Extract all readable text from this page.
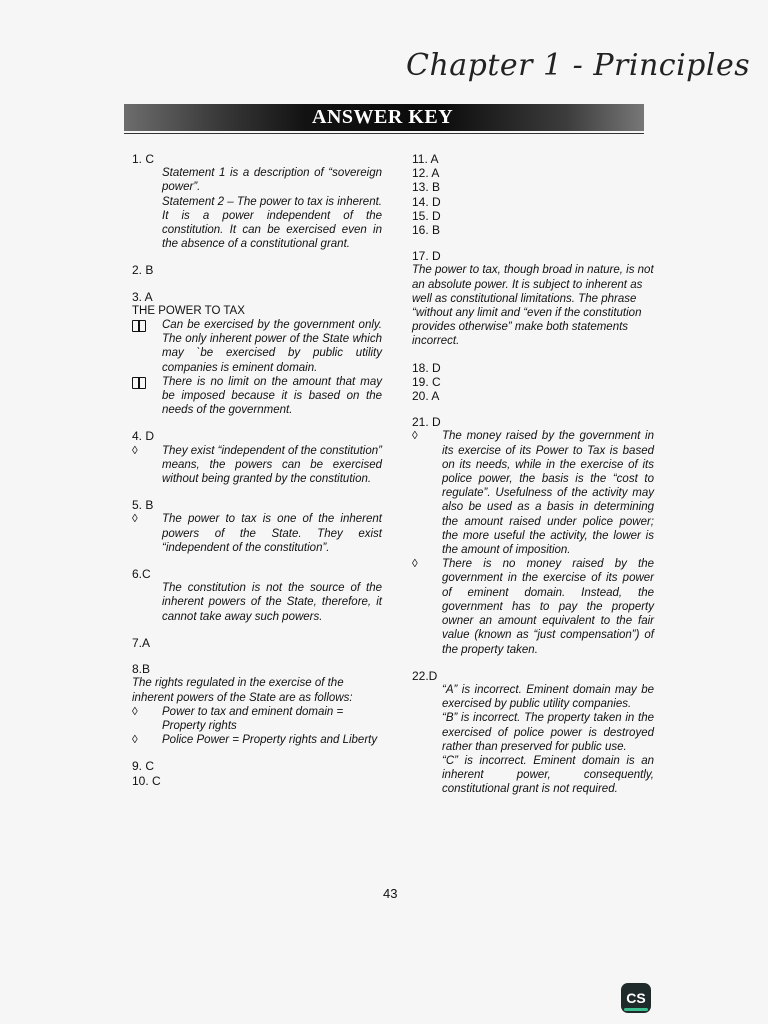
Chapter 1 - Principles
ANSWER KEY

1. C

Statement 1 is a description of “sovereign power”.
Statement 2 – The power to tax is inherent. It is a power independent of the constitution. It can be exercised even in the absence of a constitutional grant.

2. B

3. A

THE POWER TO TAX
Can be exercised by the government only. The only inherent power of the State which may `be exercised by public utility companies is eminent domain.
There is no limit on the amount that may be imposed because it is based on the needs of the government.

4. D

◊ They exist “independent of the constitution” means, the powers can be exercised without being granted by the constitution.

5. B

◊ The power to tax is one of the inherent powers of the State. They exist “independent of the constitution”.

6.C

The constitution is not the source of the inherent powers of the State, therefore, it cannot take away such powers.

7.A

8.B

The rights regulated in the exercise of the inherent powers of the State are as follows:
◊ Power to tax and eminent domain = Property rights
◊ Police Power = Property rights and Liberty

9. C

10. C

11. A

12. A

13. B

14. D

15. D

16. B

17. D

The power to tax, though broad in nature, is not an absolute power. It is subject to inherent as well as constitutional limitations. The phrase “without any limit and “even if the constitution provides otherwise” make both statements incorrect.

18. D

19. C

20. A

21. D

◊ The money raised by the government in its exercise of its Power to Tax is based on its needs, while in the exercise of its police power, the basis is the “cost to regulate”. Usefulness of the activity may also be used as a basis in determining the amount raised under police power; the more useful the activity, the lower is the amount of imposition.
◊ There is no money raised by the government in the exercise of its power of eminent domain. Instead, the government has to pay the property owner an amount equivalent to the fair value (known as “just compensation”) of the property taken.

22.D

“A” is incorrect. Eminent domain may be exercised by public utility companies.
“B” is incorrect. The property taken in the exercised of police power is destroyed rather than preserved for public use.
“C” is incorrect. Eminent domain is an inherent power, consequently, constitutional grant is not required.
43
CS
